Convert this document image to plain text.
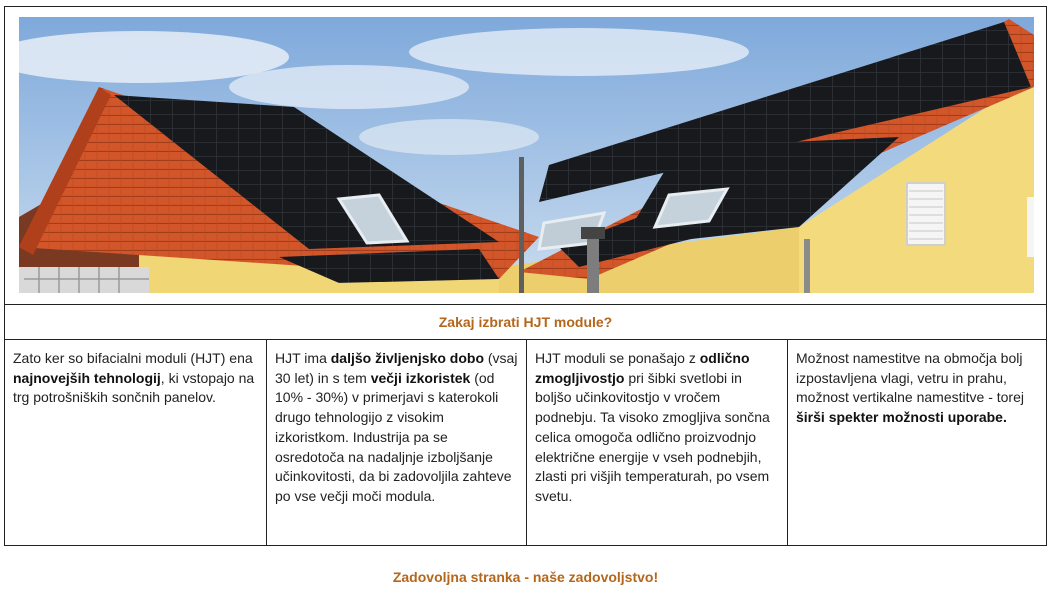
Zakaj izbrati HJT module?
Zato ker so bifacialni moduli (HJT) ena najnovejših tehnologij, ki vstopajo na trg potrošniških sončnih panelov.
HJT ima daljšo življenjsko dobo (vsaj 30 let) in s tem večji izkoristek (od 10% - 30%) v primerjavi s katerokoli drugo tehnologijo z visokim izkoristkom. Industrija pa se osredotoča na nadaljnje izboljšanje učinkovitosti, da bi zadovoljila zahteve po vse večji moči modula.
HJT moduli se ponašajo z odlično zmogljivostjo pri šibki svetlobi in boljšo učinkovitostjo v vročem podnebju. Ta visoko zmogljiva sončna celica omogoča odlično proizvodnjo električne energije v vseh podnebjih, zlasti pri višjih temperaturah, po vsem svetu.
Možnost namestitve na območja bolj izpostavljena vlagi, vetru in prahu, možnost vertikalne namestitve - torej širši spekter možnosti uporabe.
Zadovoljna stranka - naše zadovoljstvo!
